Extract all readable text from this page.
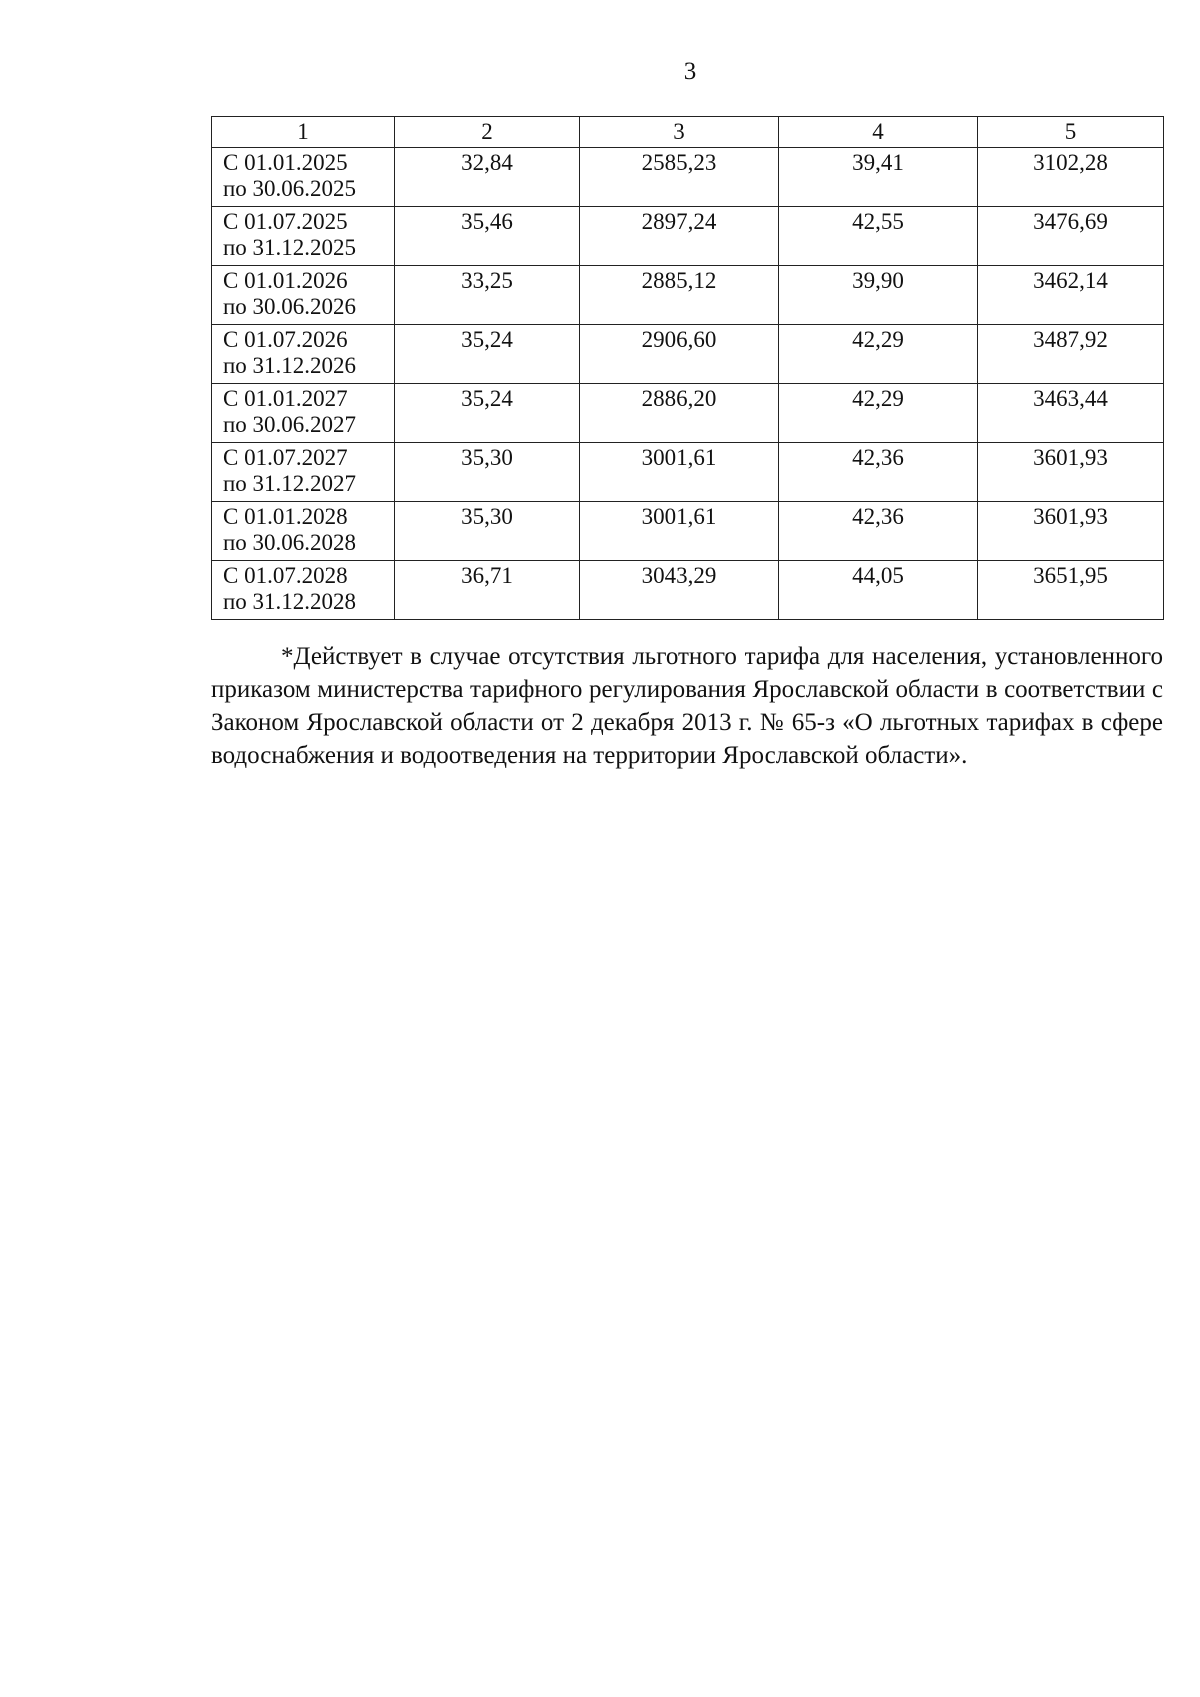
3
1	2	3	4	5

С 01.01.2025
по 30.06.2025	32,84	2585,23	39,41	3102,28

С 01.07.2025
по 31.12.2025	35,46	2897,24	42,55	3476,69

С 01.01.2026
по 30.06.2026	33,25	2885,12	39,90	3462,14

С 01.07.2026
по 31.12.2026	35,24	2906,60	42,29	3487,92

С 01.01.2027
по 30.06.2027	35,24	2886,20	42,29	3463,44

С 01.07.2027
по 31.12.2027	35,30	3001,61	42,36	3601,93

С 01.01.2028
по 30.06.2028	35,30	3001,61	42,36	3601,93

С 01.07.2028
по 31.12.2028	36,71	3043,29	44,05	3651,95

*Действует в случае отсутствия льготного тарифа для населения, установленного приказом министерства тарифного регулирования Ярославской области в соответствии с Законом Ярославской области от 2 декабря 2013 г. № 65-з «О льготных тарифах в сфере водоснабжения и водоотведения на территории Ярославской области».
